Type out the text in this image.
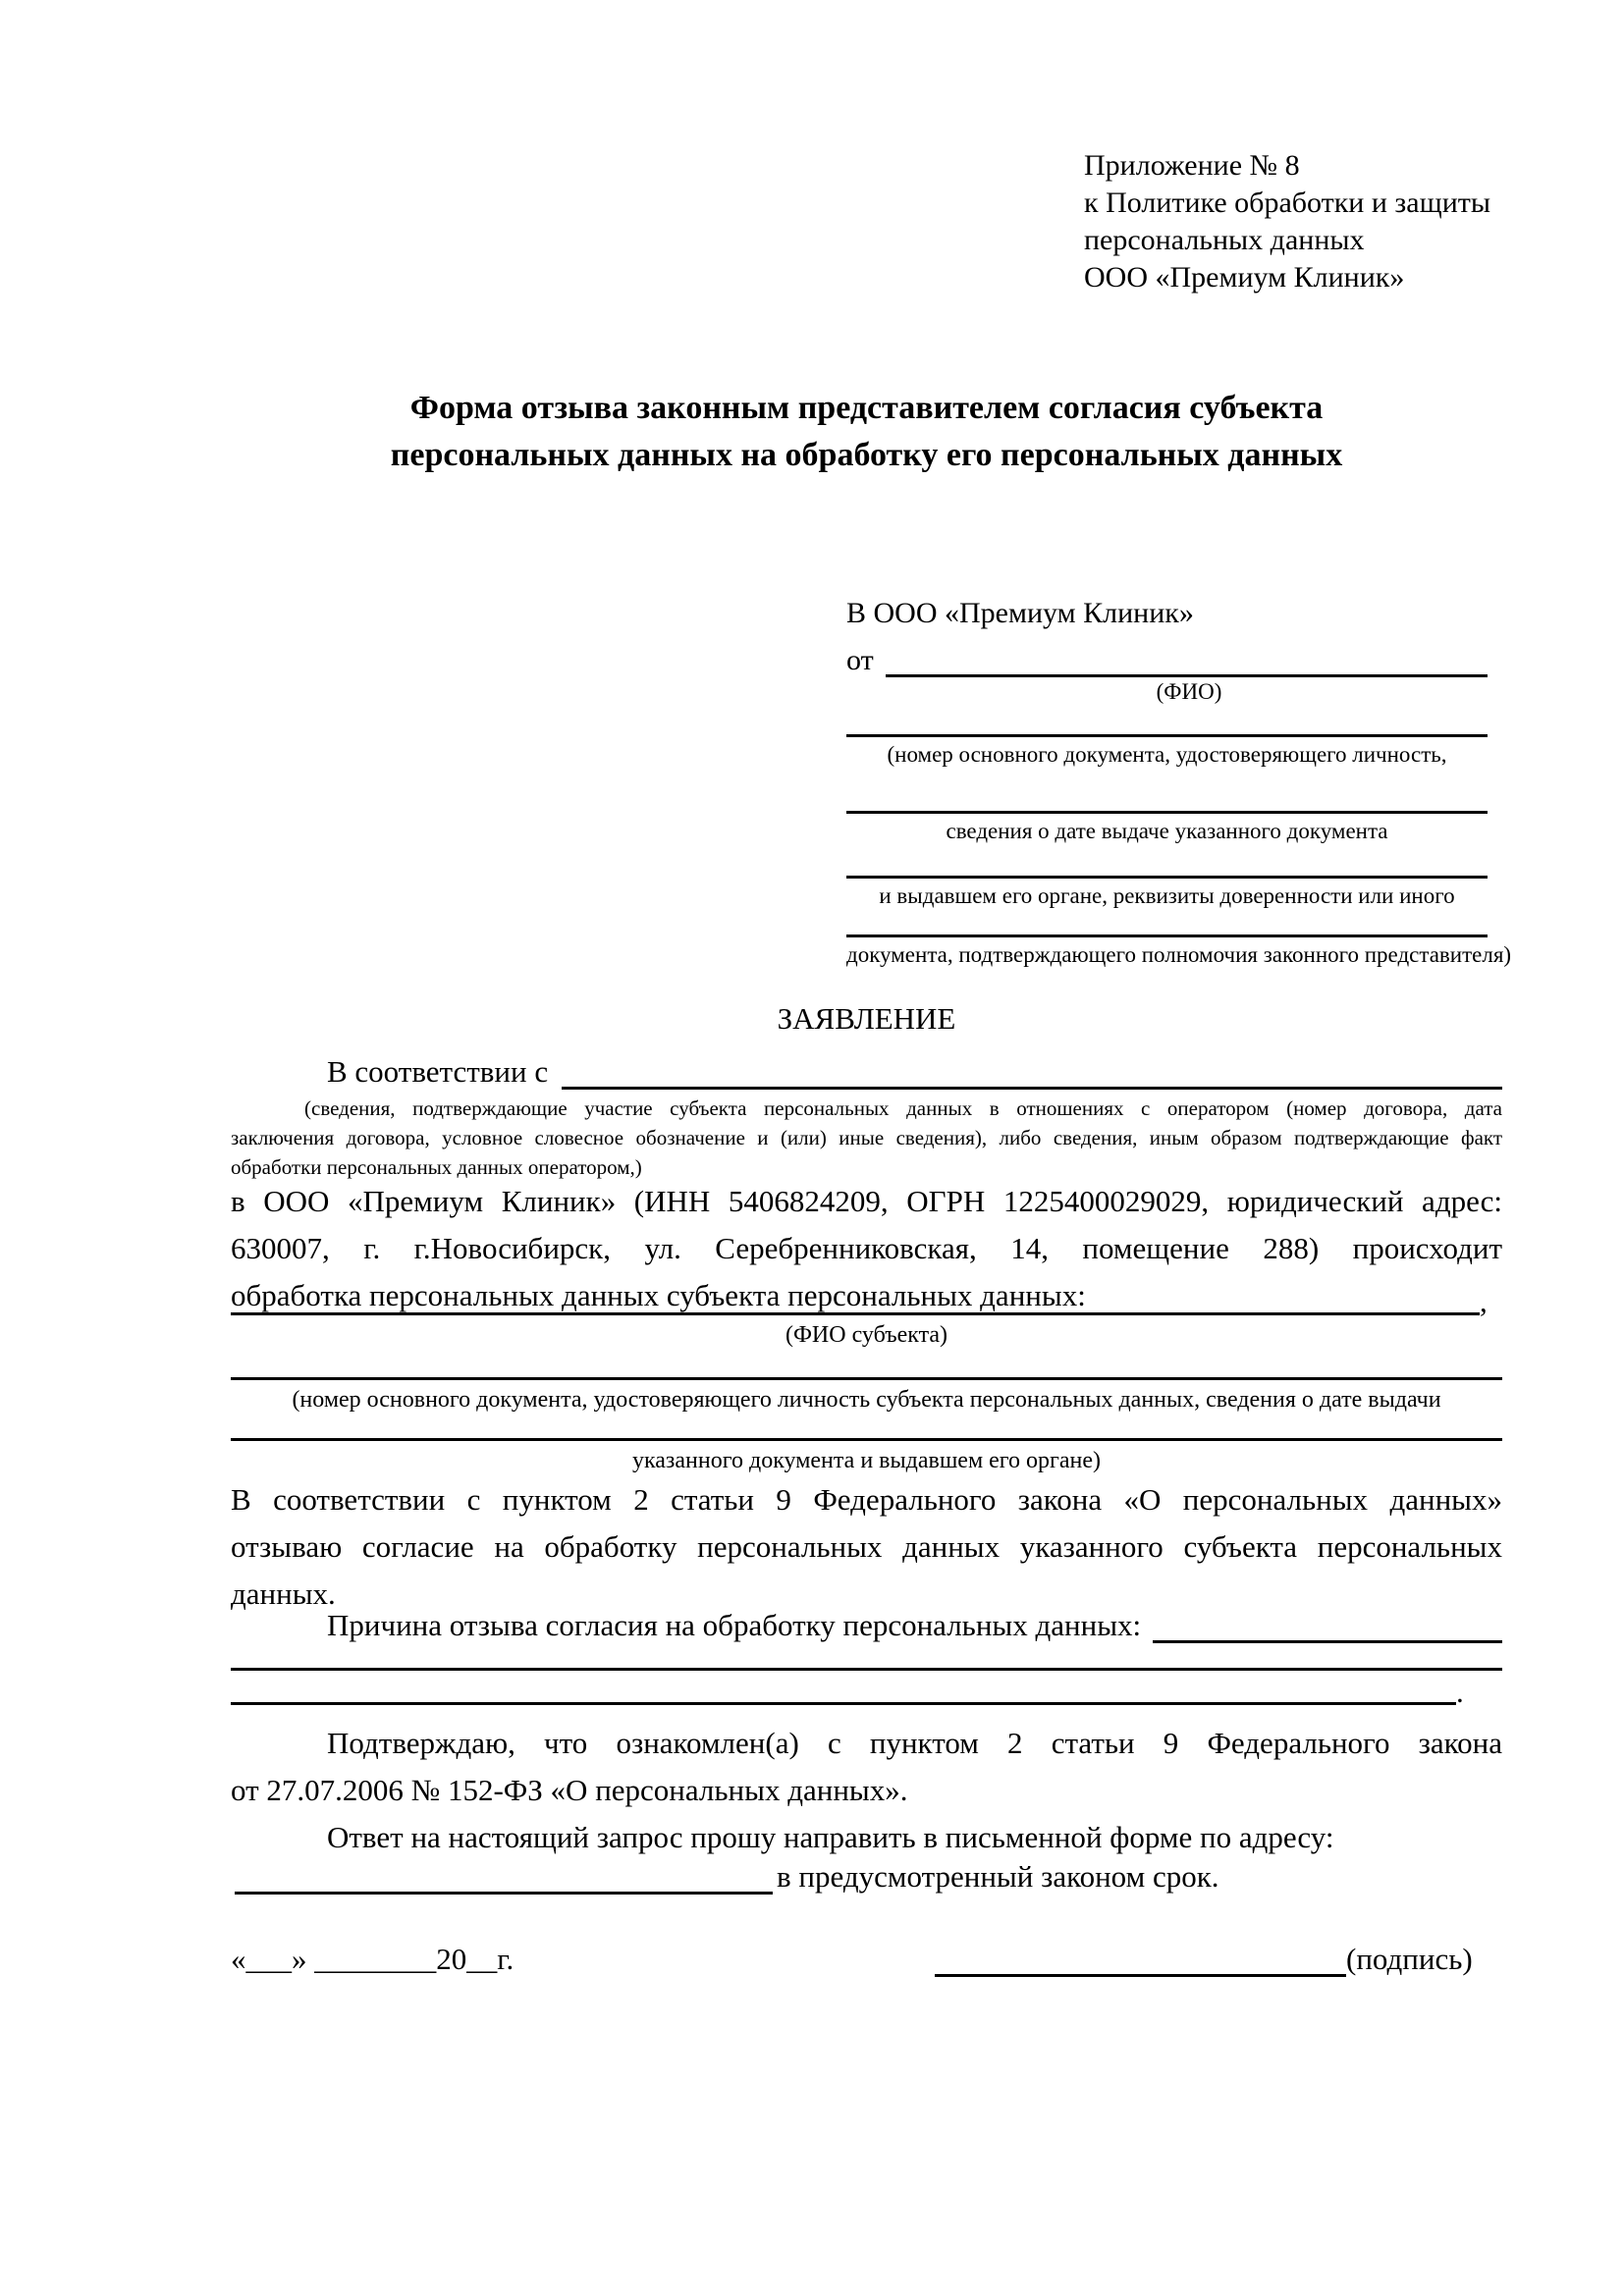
Приложение № 8
к Политике обработки и защиты
персональных данных
ООО «Премиум Клиник»
Форма отзыва законным представителем согласия субъекта
персональных данных на обработку его персональных данных
В ООО «Премиум Клиник»
от
(ФИО)
(номер основного документа, удостоверяющего личность,
сведения о дате выдаче указанного документа
и выдавшем его органе, реквизиты доверенности или иного
документа, подтверждающего полномочия законного представителя)
ЗАЯВЛЕНИЕ
В соответствии с
(сведения, подтверждающие участие субъекта персональных данных в отношениях с оператором (номер договора, дата
заключения договора, условное словесное обозначение и (или) иные сведения), либо сведения, иным образом подтверждающие факт
обработки персональных данных оператором,)
в ООО «Премиум Клиник» (ИНН 5406824209, ОГРН 1225400029029, юридический адрес:
630007, г. г.Новосибирск, ул. Серебренниковская, 14, помещение 288) происходит
обработка персональных данных субъекта персональных данных:	,
(ФИО субъекта)
(номер основного документа, удостоверяющего личность субъекта персональных данных, сведения о дате выдачи
указанного документа и выдавшем его органе)
В соответствии с пунктом 2 статьи 9 Федерального закона «О персональных данных»
отзываю согласие на обработку персональных данных указанного субъекта персональных
данных.
Причина отзыва согласия на обработку персональных данных:
.
Подтверждаю, что ознакомлен(а) с пунктом 2 статьи 9 Федерального закона
от 27.07.2006 № 152-ФЗ «О персональных данных».
Ответ на настоящий запрос прошу направить в письменной форме по адресу:
в предусмотренный законом срок.
«___» ________20__г.	(подпись)
